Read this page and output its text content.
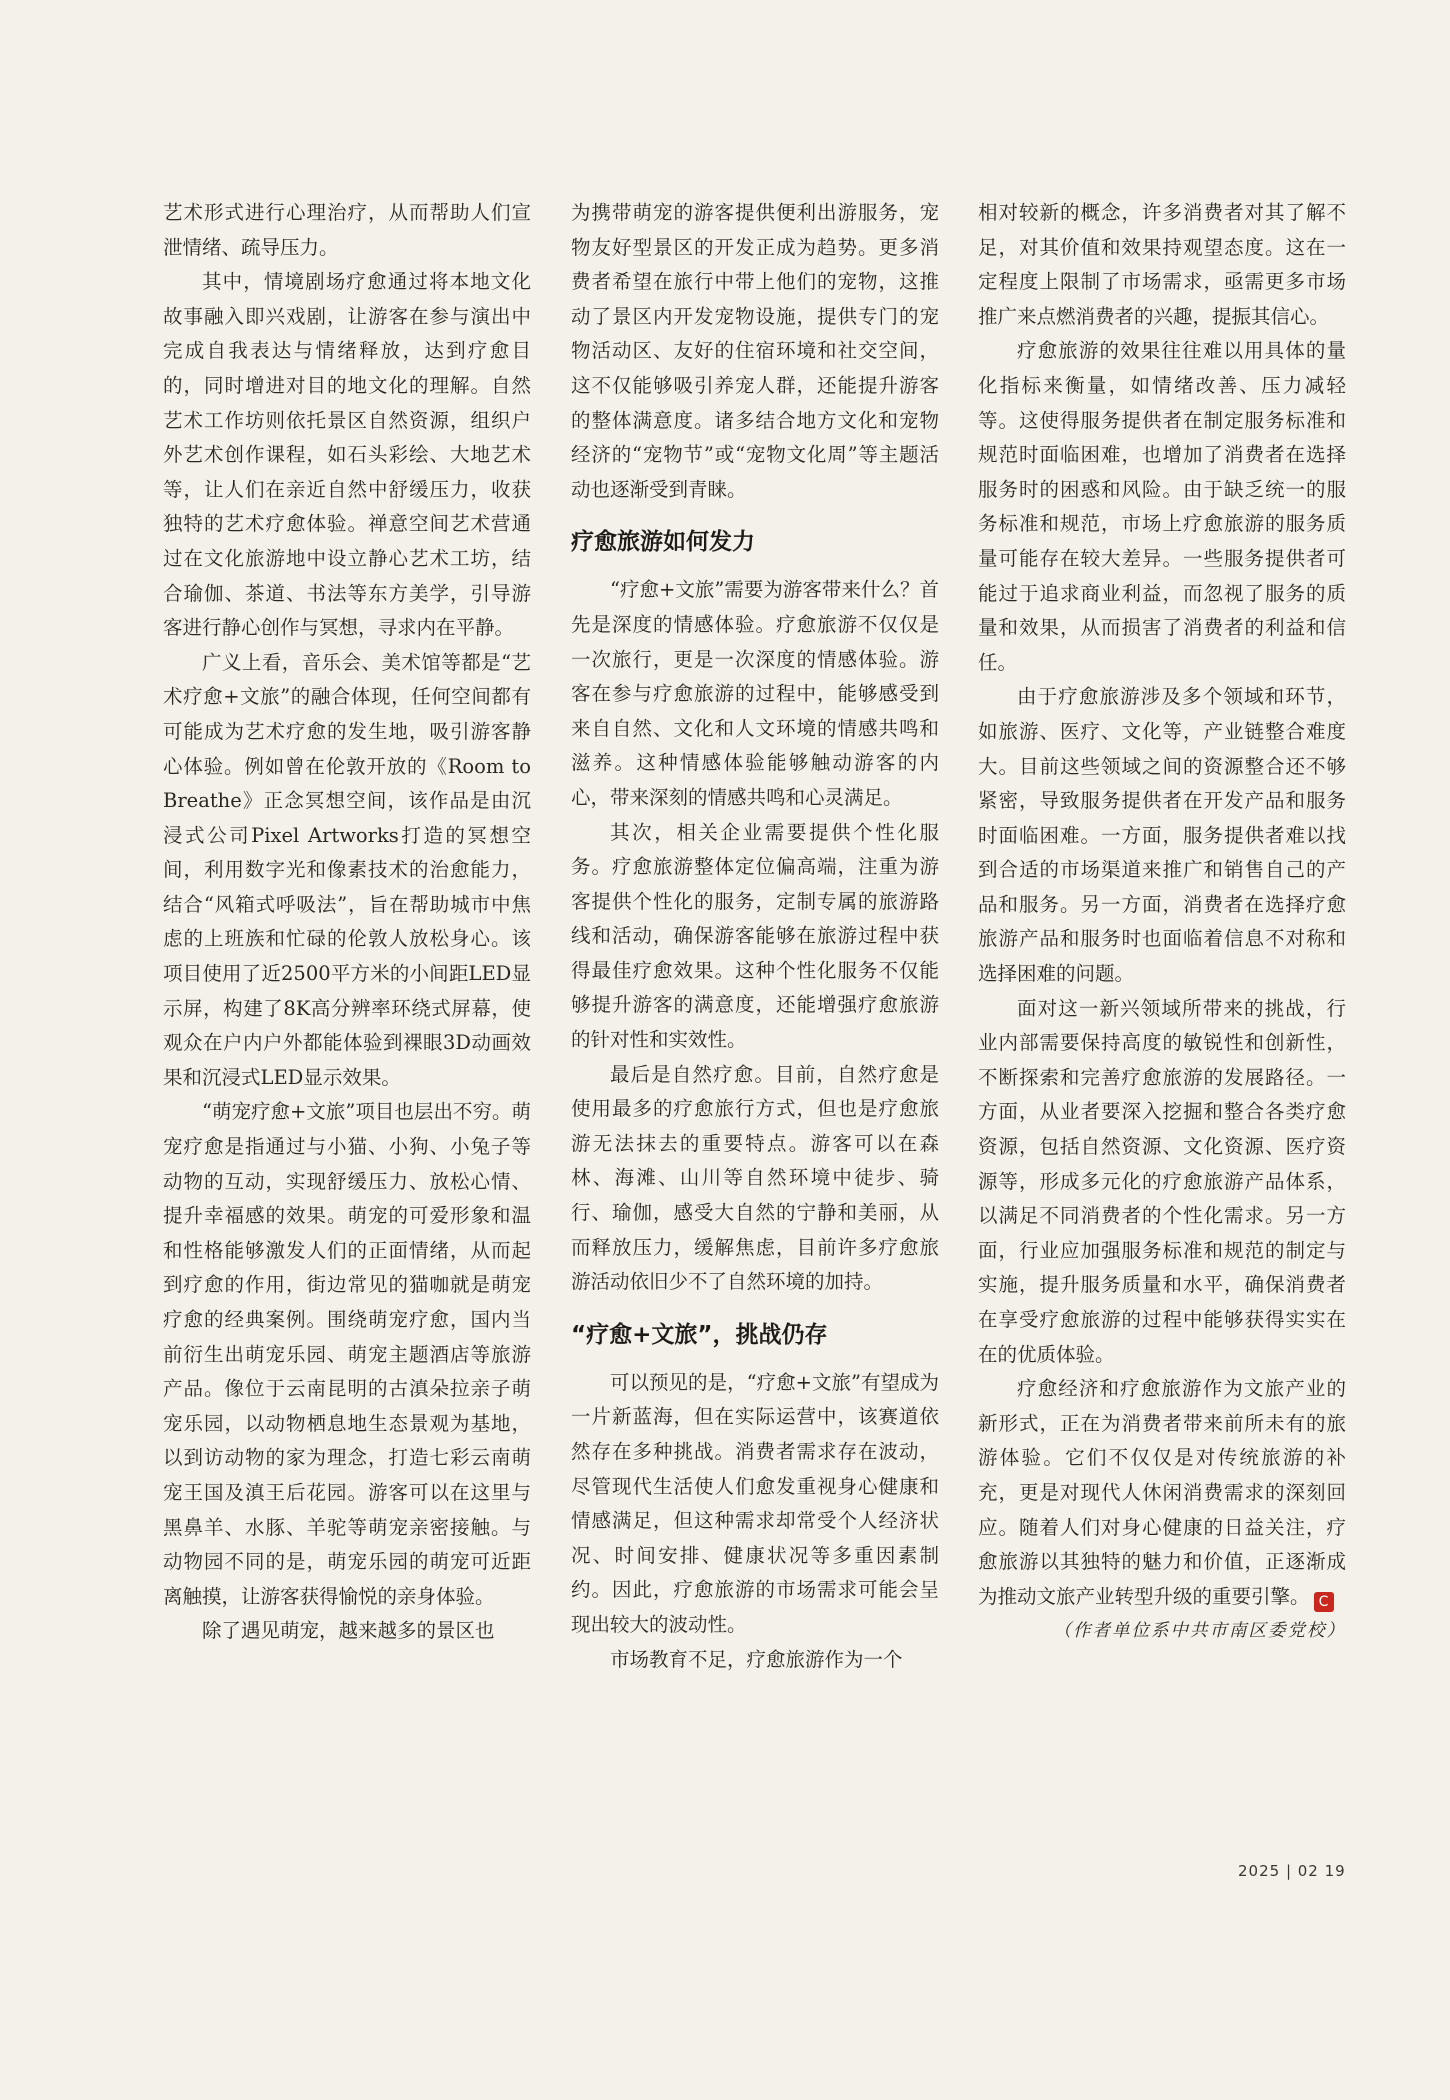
艺术形式进行心理治疗，从而帮助人们宣泄情绪、疏导压力。

其中，情境剧场疗愈通过将本地文化故事融入即兴戏剧，让游客在参与演出中完成自我表达与情绪释放，达到疗愈目的，同时增进对目的地文化的理解。自然艺术工作坊则依托景区自然资源，组织户外艺术创作课程，如石头彩绘、大地艺术等，让人们在亲近自然中舒缓压力，收获独特的艺术疗愈体验。禅意空间艺术营通过在文化旅游地中设立静心艺术工坊，结合瑜伽、茶道、书法等东方美学，引导游客进行静心创作与冥想，寻求内在平静。

广义上看，音乐会、美术馆等都是“艺术疗愈+文旅”的融合体现，任何空间都有可能成为艺术疗愈的发生地，吸引游客静心体验。例如曾在伦敦开放的《Room to Breathe》正念冥想空间，该作品是由沉浸式公司Pixel Artworks打造的冥想空间，利用数字光和像素技术的治愈能力，结合“风箱式呼吸法”，旨在帮助城市中焦虑的上班族和忙碌的伦敦人放松身心。该项目使用了近2500平方米的小间距LED显示屏，构建了8K高分辨率环绕式屏幕，使观众在户内户外都能体验到裸眼3D动画效果和沉浸式LED显示效果。

“萌宠疗愈+文旅”项目也层出不穷。萌宠疗愈是指通过与小猫、小狗、小兔子等动物的互动，实现舒缓压力、放松心情、提升幸福感的效果。萌宠的可爱形象和温和性格能够激发人们的正面情绪，从而起到疗愈的作用，街边常见的猫咖就是萌宠疗愈的经典案例。围绕萌宠疗愈，国内当前衍生出萌宠乐园、萌宠主题酒店等旅游产品。像位于云南昆明的古滇朵拉亲子萌宠乐园，以动物栖息地生态景观为基地，以到访动物的家为理念，打造七彩云南萌宠王国及滇王后花园。游客可以在这里与黑鼻羊、水豚、羊驼等萌宠亲密接触。与动物园不同的是，萌宠乐园的萌宠可近距离触摸，让游客获得愉悦的亲身体验。

除了遇见萌宠，越来越多的景区也

为携带萌宠的游客提供便利出游服务，宠物友好型景区的开发正成为趋势。更多消费者希望在旅行中带上他们的宠物，这推动了景区内开发宠物设施，提供专门的宠物活动区、友好的住宿环境和社交空间，这不仅能够吸引养宠人群，还能提升游客的整体满意度。诸多结合地方文化和宠物经济的“宠物节”或“宠物文化周”等主题活动也逐渐受到青睐。

疗愈旅游如何发力

“疗愈+文旅”需要为游客带来什么？首先是深度的情感体验。疗愈旅游不仅仅是一次旅行，更是一次深度的情感体验。游客在参与疗愈旅游的过程中，能够感受到来自自然、文化和人文环境的情感共鸣和滋养。这种情感体验能够触动游客的内心，带来深刻的情感共鸣和心灵满足。

其次，相关企业需要提供个性化服务。疗愈旅游整体定位偏高端，注重为游客提供个性化的服务，定制专属的旅游路线和活动，确保游客能够在旅游过程中获得最佳疗愈效果。这种个性化服务不仅能够提升游客的满意度，还能增强疗愈旅游的针对性和实效性。

最后是自然疗愈。目前，自然疗愈是使用最多的疗愈旅行方式，但也是疗愈旅游无法抹去的重要特点。游客可以在森林、海滩、山川等自然环境中徒步、骑行、瑜伽，感受大自然的宁静和美丽，从而释放压力，缓解焦虑，目前许多疗愈旅游活动依旧少不了自然环境的加持。

“疗愈+文旅”，挑战仍存

可以预见的是，“疗愈+文旅”有望成为一片新蓝海，但在实际运营中，该赛道依然存在多种挑战。消费者需求存在波动，尽管现代生活使人们愈发重视身心健康和情感满足，但这种需求却常受个人经济状况、时间安排、健康状况等多重因素制约。因此，疗愈旅游的市场需求可能会呈现出较大的波动性。

市场教育不足，疗愈旅游作为一个

相对较新的概念，许多消费者对其了解不足，对其价值和效果持观望态度。这在一定程度上限制了市场需求，亟需更多市场推广来点燃消费者的兴趣，提振其信心。

疗愈旅游的效果往往难以用具体的量化指标来衡量，如情绪改善、压力减轻等。这使得服务提供者在制定服务标准和规范时面临困难，也增加了消费者在选择服务时的困惑和风险。由于缺乏统一的服务标准和规范，市场上疗愈旅游的服务质量可能存在较大差异。一些服务提供者可能过于追求商业利益，而忽视了服务的质量和效果，从而损害了消费者的利益和信任。

由于疗愈旅游涉及多个领域和环节，如旅游、医疗、文化等，产业链整合难度大。目前这些领域之间的资源整合还不够紧密，导致服务提供者在开发产品和服务时面临困难。一方面，服务提供者难以找到合适的市场渠道来推广和销售自己的产品和服务。另一方面，消费者在选择疗愈旅游产品和服务时也面临着信息不对称和选择困难的问题。

面对这一新兴领域所带来的挑战，行业内部需要保持高度的敏锐性和创新性，不断探索和完善疗愈旅游的发展路径。一方面，从业者要深入挖掘和整合各类疗愈资源，包括自然资源、文化资源、医疗资源等，形成多元化的疗愈旅游产品体系，以满足不同消费者的个性化需求。另一方面，行业应加强服务标准和规范的制定与实施，提升服务质量和水平，确保消费者在享受疗愈旅游的过程中能够获得实实在在的优质体验。

疗愈经济和疗愈旅游作为文旅产业的新形式，正在为消费者带来前所未有的旅游体验。它们不仅仅是对传统旅游的补充，更是对现代人休闲消费需求的深刻回应。随着人们对身心健康的日益关注，疗愈旅游以其独特的魅力和价值，正逐渐成为推动文旅产业转型升级的重要引擎。 C

（作者单位系中共市南区委党校）

2025 | 02 19
